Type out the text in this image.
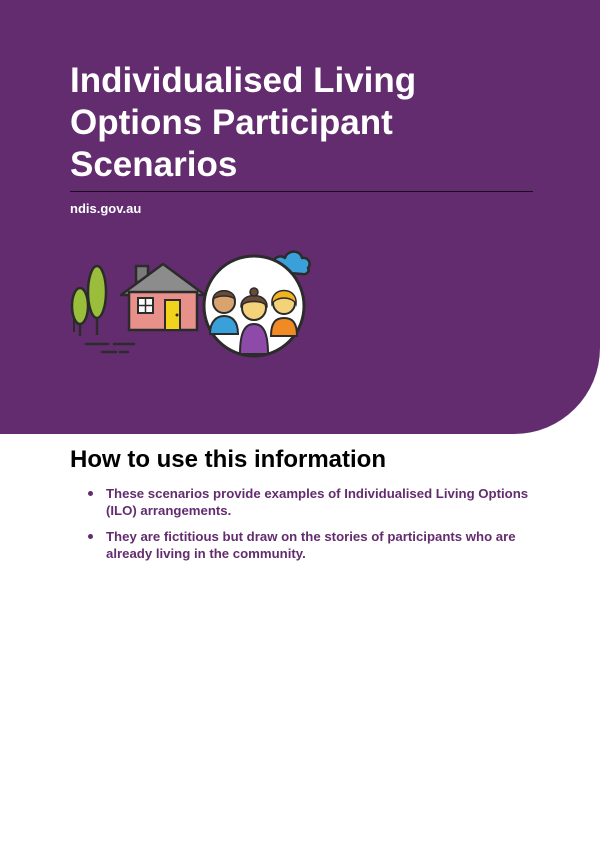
Individualised Living Options Participant Scenarios
ndis.gov.au
How to use this information
These scenarios provide examples of Individualised Living Options (ILO) arrangements.
They are fictitious but draw on the stories of participants who are already living in the community.
